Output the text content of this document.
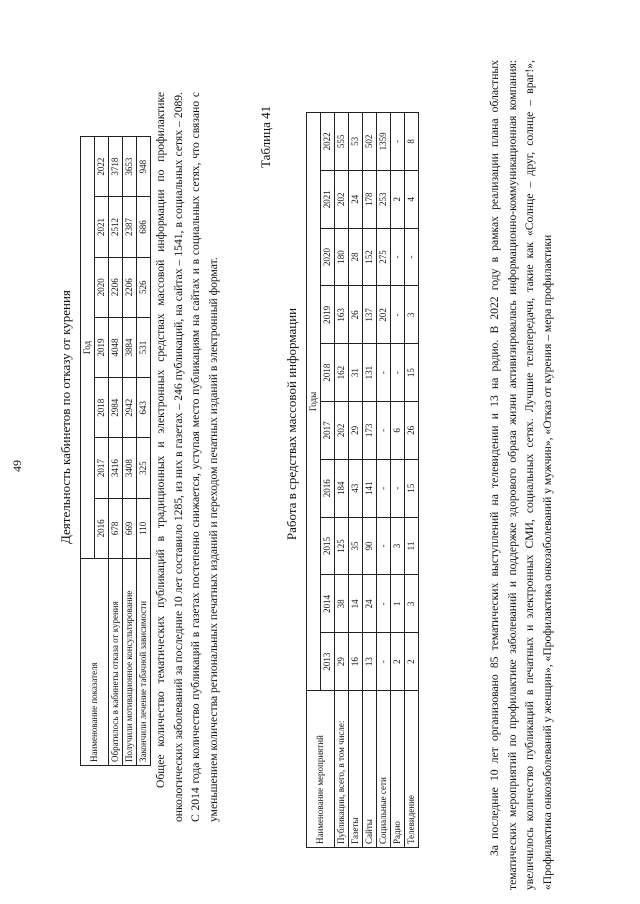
49	Деятельность кабинетов по отказу от курения
Наименование показателя	Год						
	2016	2017	2018	2019	2020	2021	2022
Обратилось в кабинеты отказа от курения	678	3416	2984	4048	2206	2512	3718
Получили мотивационное консультирование	669	3408	2942	3884	2206	2387	3653
Закончили лечение табачной зависимости	110	325	643	531	526	686	948 Общее количество тематических публикаций в традиционных и электронных средствах массовой информации по профилактике онкологических заболеваний за последние 10 лет составило 1285, из них в газетах – 246 публикаций, на сайтах – 1541, в социальных сетях – 2089. С 2014 года количество публикаций в газетах постепенно снижается, уступая место публикациям на сайтах и в социальных сетях, что связано с уменьшением количества региональных печатных изданий и переходом печатных изданий в электронный формат.
Таблица 41
Работа в средствах массовой информации
Наименование мероприятий	Годы									
	2013	2014	2015	2016	2017	2018	2019	2020	2021	2022
Публикации, всего, в том числе:	29	38	125	184	202	162	163	180	202	555
Газеты	16	14	35	43	29	31	26	28	24	53
Сайты	13	24	90	141	173	131	137	152	178	502
Социальные сети	-	-	-	-	-	-	202	275	253	1359
Радио	2	1	3	-	6	-	-	-	2	-
Телевидение	2	3	11	15	26	15	3	-	4	8	За последние 10 лет организовано 85 тематических выступлений на телевидении и 13 на радио. В 2022 году в рамках реализации плана областных тематических мероприятий по профилактике заболеваний и поддержке здорового образа жизни активизировалась информационно-коммуникационная компания: увеличилось количество публикаций в печатных и электронных СМИ, социальных сетях. Лучшие телепередачи, такие как «Солнце – друг, солнце – враг!», «Профилактика онкозаболеваний у женщин», «Профилактика онкозаболеваний у мужчин», «Отказ от курения – мера профилактики
